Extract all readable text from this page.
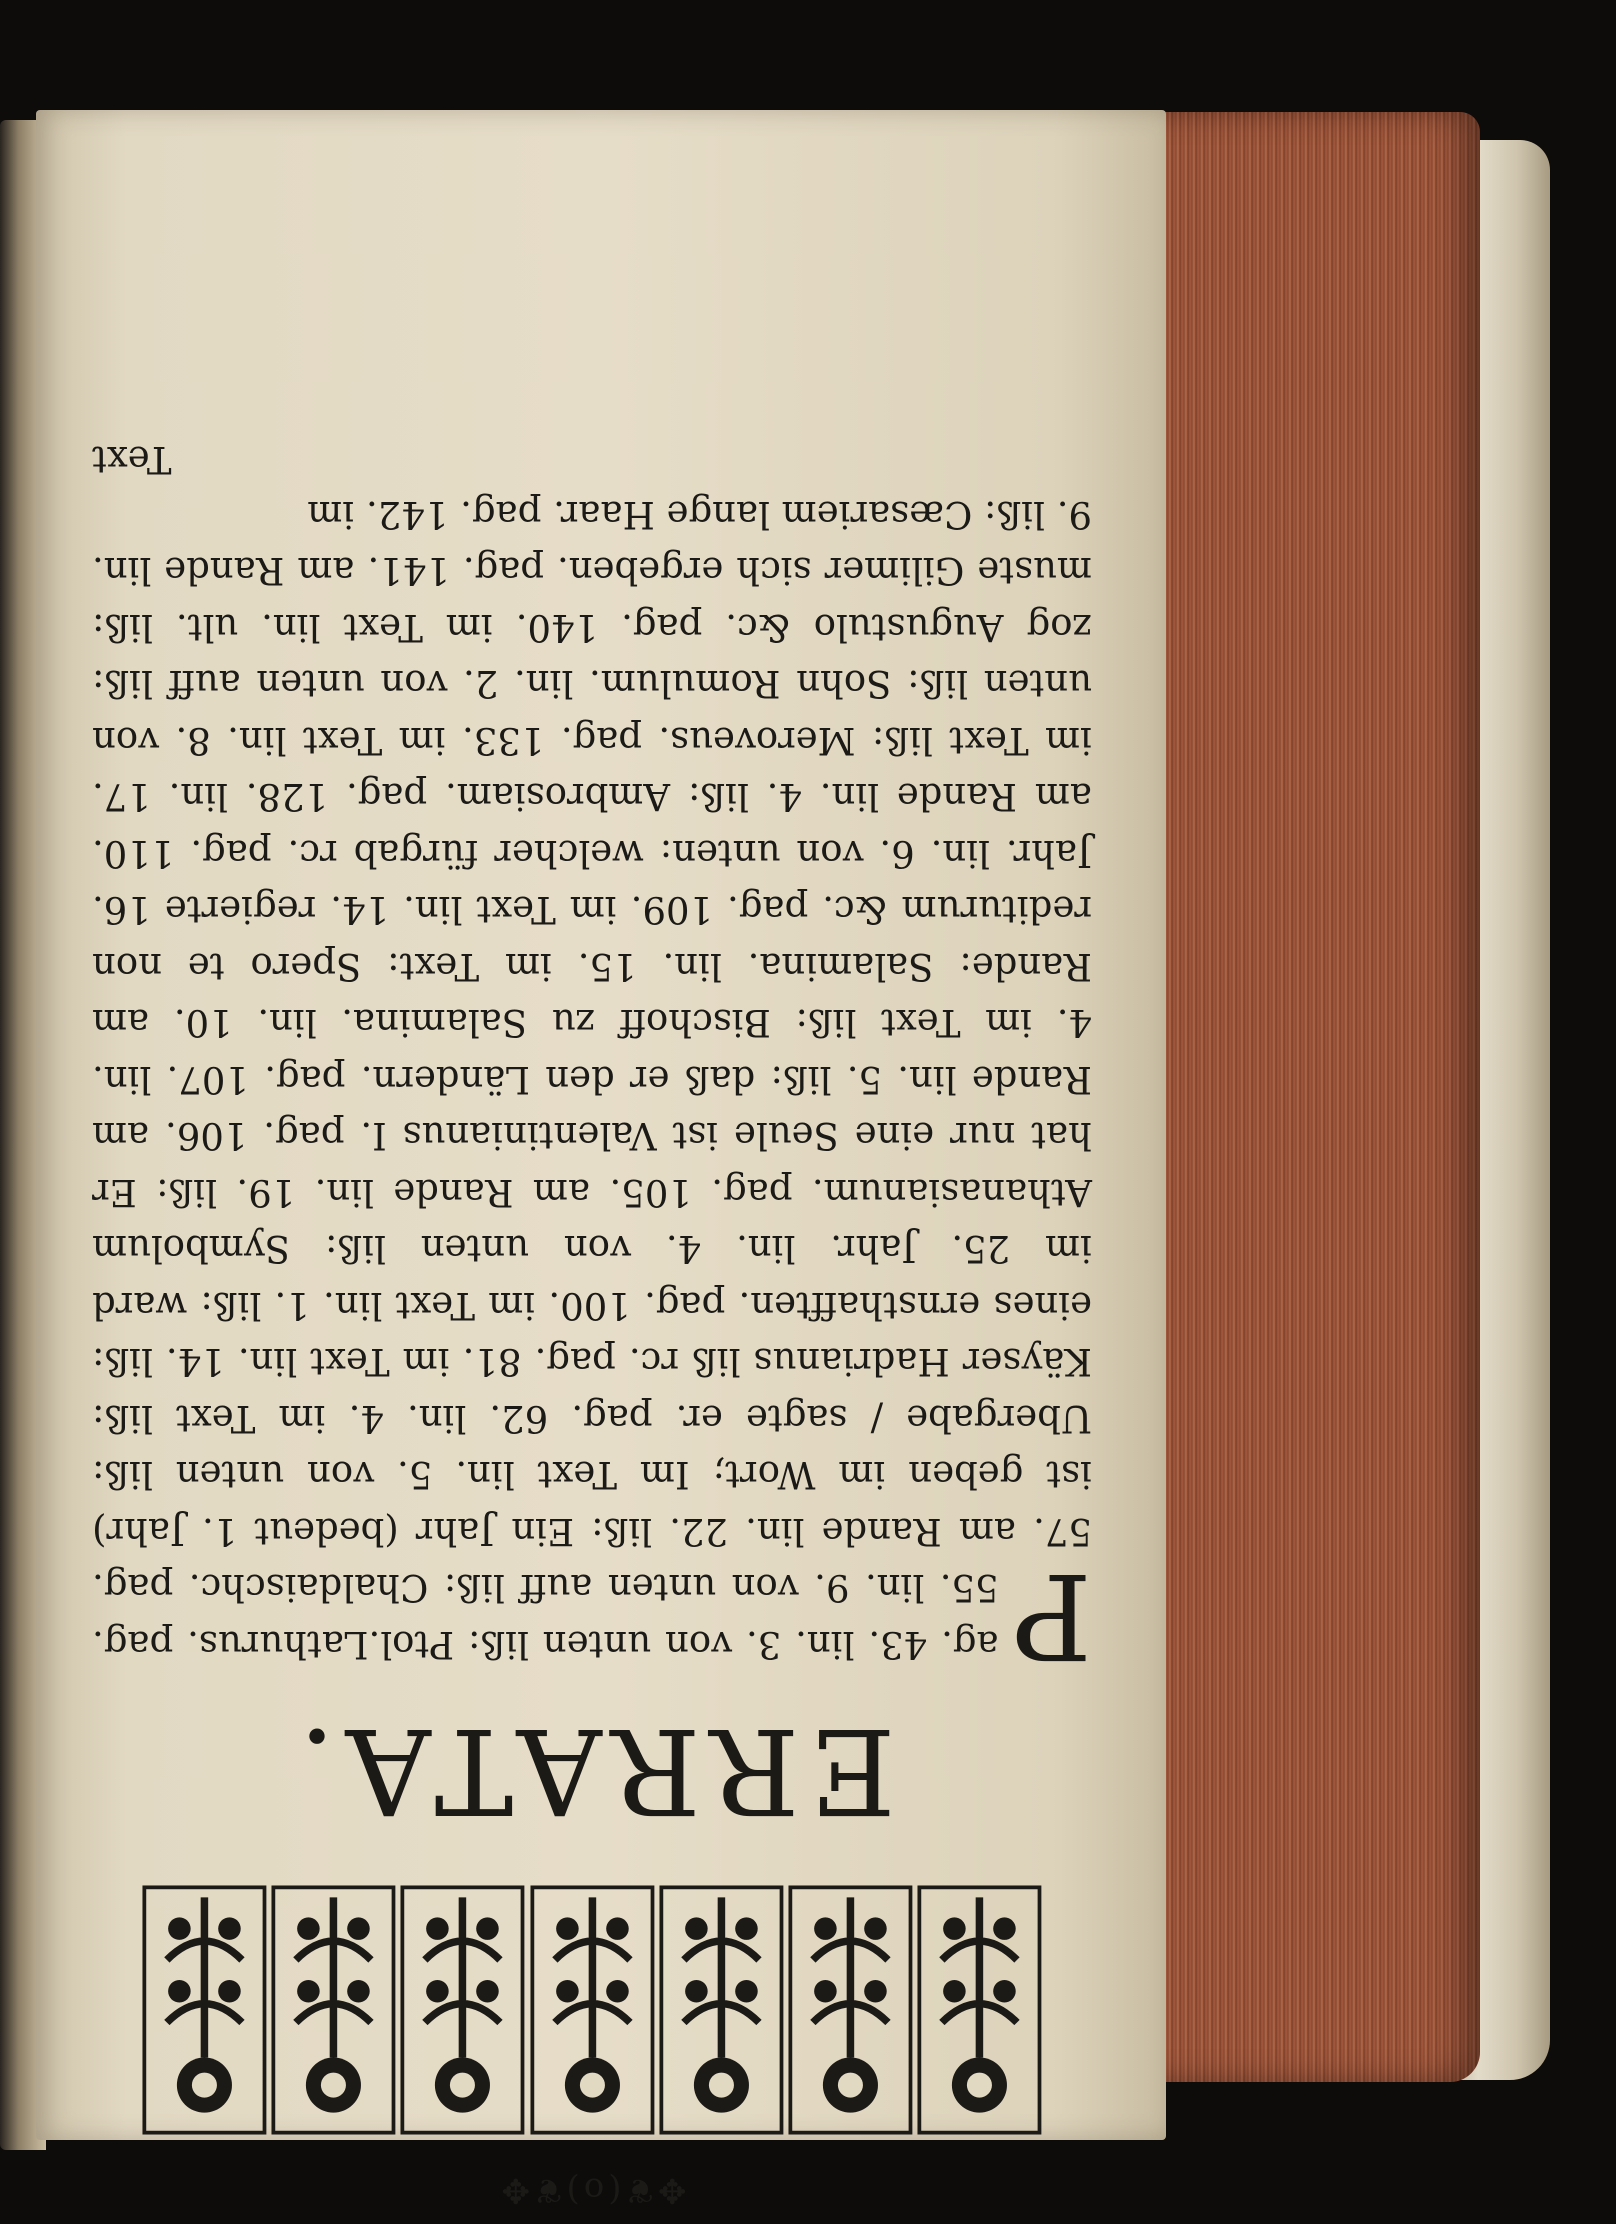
✥❦(o)❦✥
ERRATA.
P

ag. 43. lin. 3. von unten liß: Ptol.Lathurus. pag. 55. lin. 9. von unten auff liß: Chaldaischc. pag. 57. am Rande lin. 22. liß: Ein Jahr (bedeut 1. Jahr) ist geben im Wort; Im Text lin. 5. von unten liß: Ubergabe / sagte er. pag. 62. lin. 4. im Text liß: Käyser Hadrianus liß rc. pag. 81. im Text lin. 14. liß: eines ernsthafften. pag. 100. im Text lin. 1. liß: ward im 25. Jahr. lin. 4. von unten liß: Symbolum Athanasianum. pag. 105. am Rande lin. 19. liß: Er hat nur eine Seule ist Valentinianus I. pag. 106. am Rande lin. 5. liß: daß er den Ländern. pag. 107. lin. 4. im Text liß: Bischoff zu Salamina. lin. 10. am Rande: Salamina. lin. 15. im Text: Spero te non rediturum &c. pag. 109. im Text lin. 14. regierte 16. Jahr. lin. 6. von unten: welcher fürgab rc. pag. 110. am Rande lin. 4. liß: Ambrosiam. pag. 128. lin. 17. im Text liß: Meroveus. pag. 133. im Text lin. 8. von unten liß: Sohn Romulum. lin. 2. von unten auff liß: zog Augustulo &c. pag. 140. im Text lin. ult. liß: muste Gilimer sich ergeben. pag. 141. am Rande lin. 9. liß: Cæsariem lange Haar. pag. 142. im

Text
